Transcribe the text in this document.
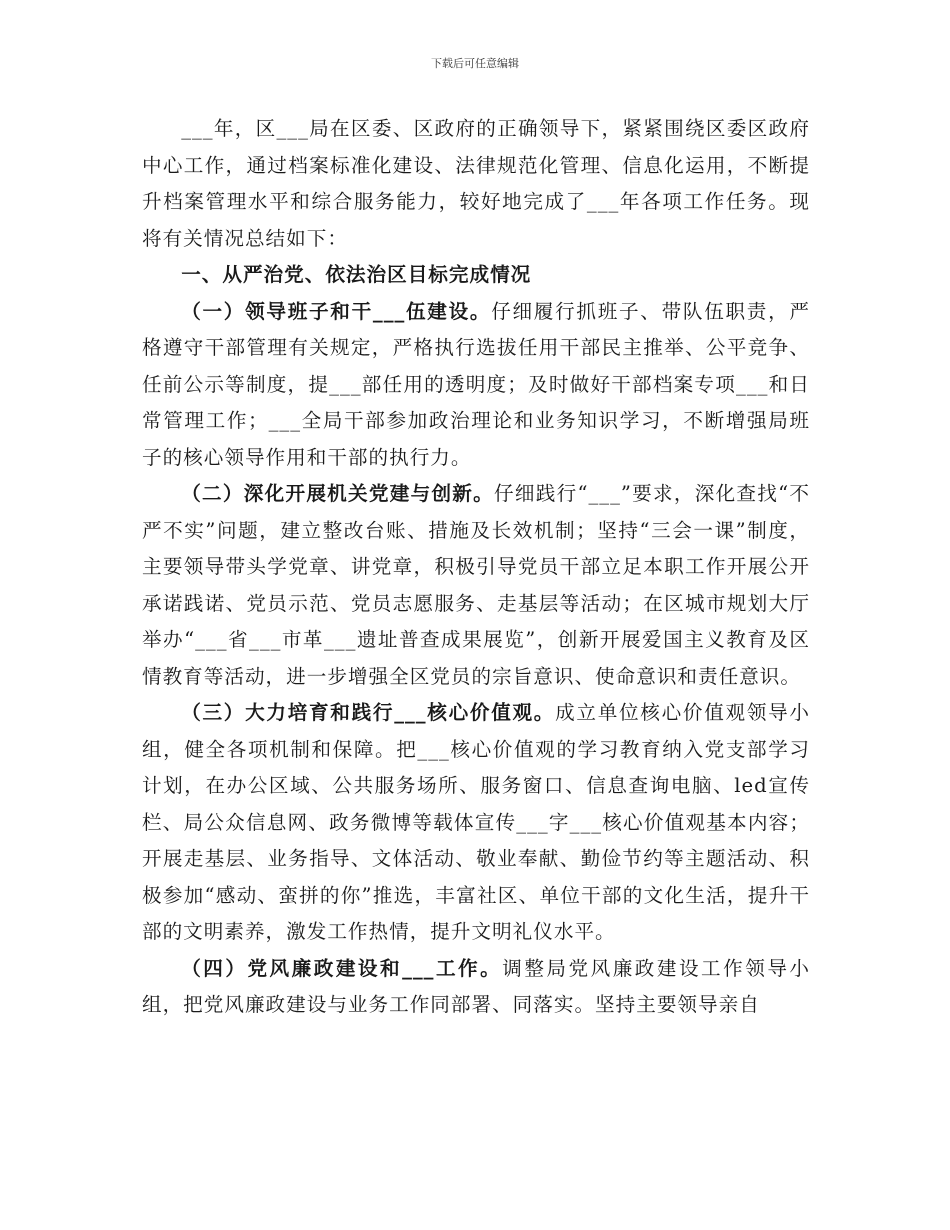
下载后可任意编辑

___年，区___局在区委、区政府的正确领导下，紧紧围绕区委区政府中心工作，通过档案标准化建设、法律规范化管理、信息化运用，不断提升档案管理水平和综合服务能力，较好地完成了___年各项工作任务。现将有关情况总结如下：

一、从严治党、依法治区目标完成情况

（一）领导班子和干___伍建设。仔细履行抓班子、带队伍职责，严格遵守干部管理有关规定，严格执行选拔任用干部民主推举、公平竞争、任前公示等制度，提___部任用的透明度；及时做好干部档案专项___和日常管理工作；___全局干部参加政治理论和业务知识学习，不断增强局班子的核心领导作用和干部的执行力。

（二）深化开展机关党建与创新。仔细践行“___”要求，深化查找“不严不实”问题，建立整改台账、措施及长效机制；坚持“三会一课”制度，主要领导带头学党章、讲党章，积极引导党员干部立足本职工作开展公开承诺践诺、党员示范、党员志愿服务、走基层等活动；在区城市规划大厅举办“___省___市革___遗址普查成果展览”，创新开展爱国主义教育及区情教育等活动，进一步增强全区党员的宗旨意识、使命意识和责任意识。

（三）大力培育和践行___核心价值观。成立单位核心价值观领导小组，健全各项机制和保障。把___核心价值观的学习教育纳入党支部学习计划，在办公区域、公共服务场所、服务窗口、信息查询电脑、led宣传栏、局公众信息网、政务微博等载体宣传___字___核心价值观基本内容；开展走基层、业务指导、文体活动、敬业奉献、勤俭节约等主题活动、积极参加“感动、蛮拼的你”推选，丰富社区、单位干部的文化生活，提升干部的文明素养，激发工作热情，提升文明礼仪水平。

（四）党风廉政建设和___工作。调整局党风廉政建设工作领导小组，把党风廉政建设与业务工作同部署、同落实。坚持主要领导亲自
